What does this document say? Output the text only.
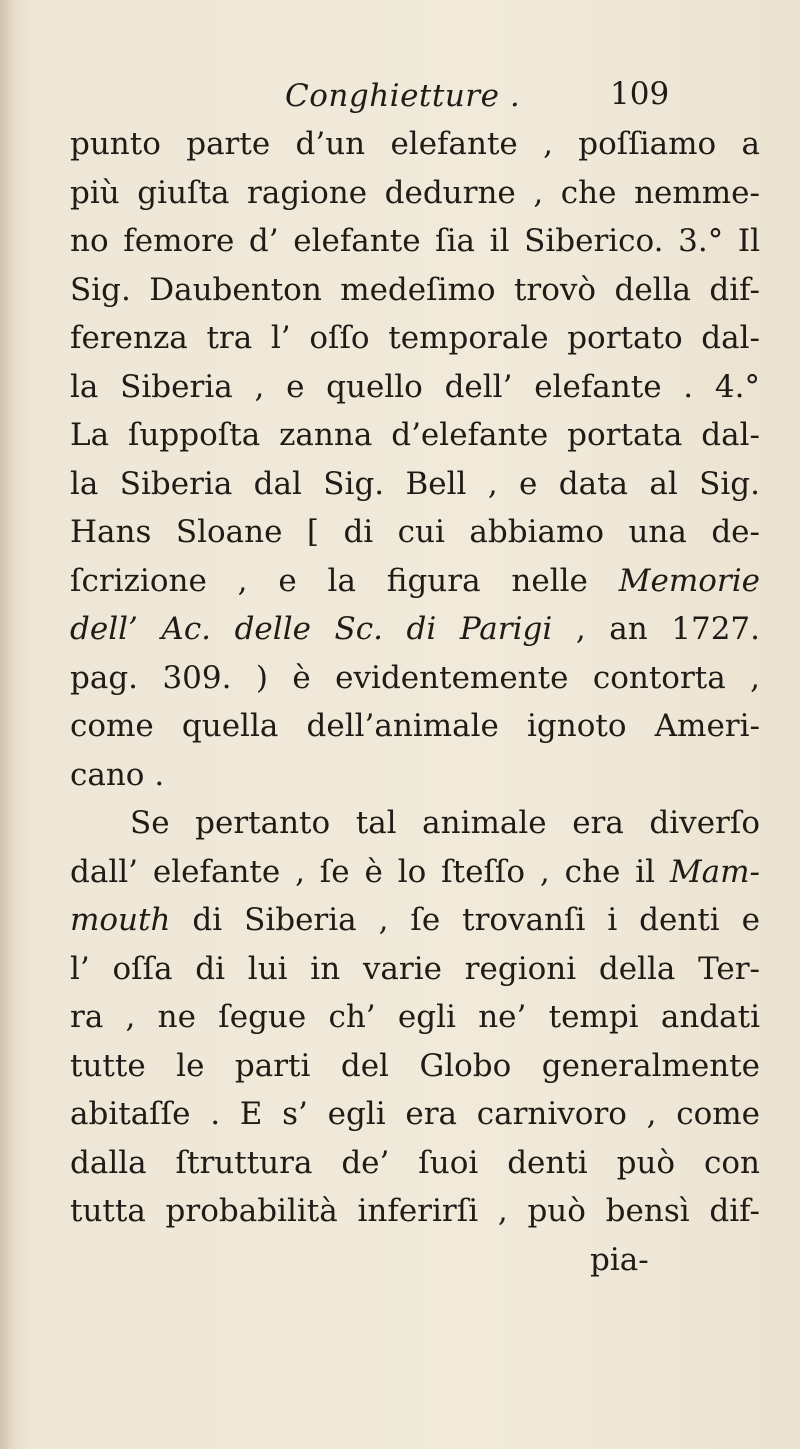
Conghietture .	109
punto parte d’un elefante , poſſiamo a
più giuſta ragione dedurne , che nemme-
no femore d’ elefante ſia il Siberico. 3.° Il
Sig. Daubenton medeſimo trovò della dif-
ferenza tra l’ oſſo temporale portato dal-
la Siberia , e quello dell’ elefante . 4.°
La ſuppoſta zanna d’elefante portata dal-
la Siberia dal Sig. Bell , e data al Sig.
Hans Sloane [ di cui abbiamo una de-
ſcrizione , e la figura nelle Memorie
dell’ Ac. delle Sc. di Parigi , an 1727.
pag. 309. ) è evidentemente contorta ,
come quella dell’animale ignoto Ameri-
cano .
Se pertanto tal animale era diverſo
dall’ elefante , ſe è lo ſteſſo , che il Mam-
mouth di Siberia , ſe trovanſi i denti e
l’ oſſa di lui in varie regioni della Ter-
ra , ne ſegue ch’ egli ne’ tempi andati
tutte le parti del Globo generalmente
abitaſſe . E s’ egli era carnivoro , come
dalla ſtruttura de’ ſuoi denti può con
tutta probabilità inferirſi , può bensì dif-
pia-
